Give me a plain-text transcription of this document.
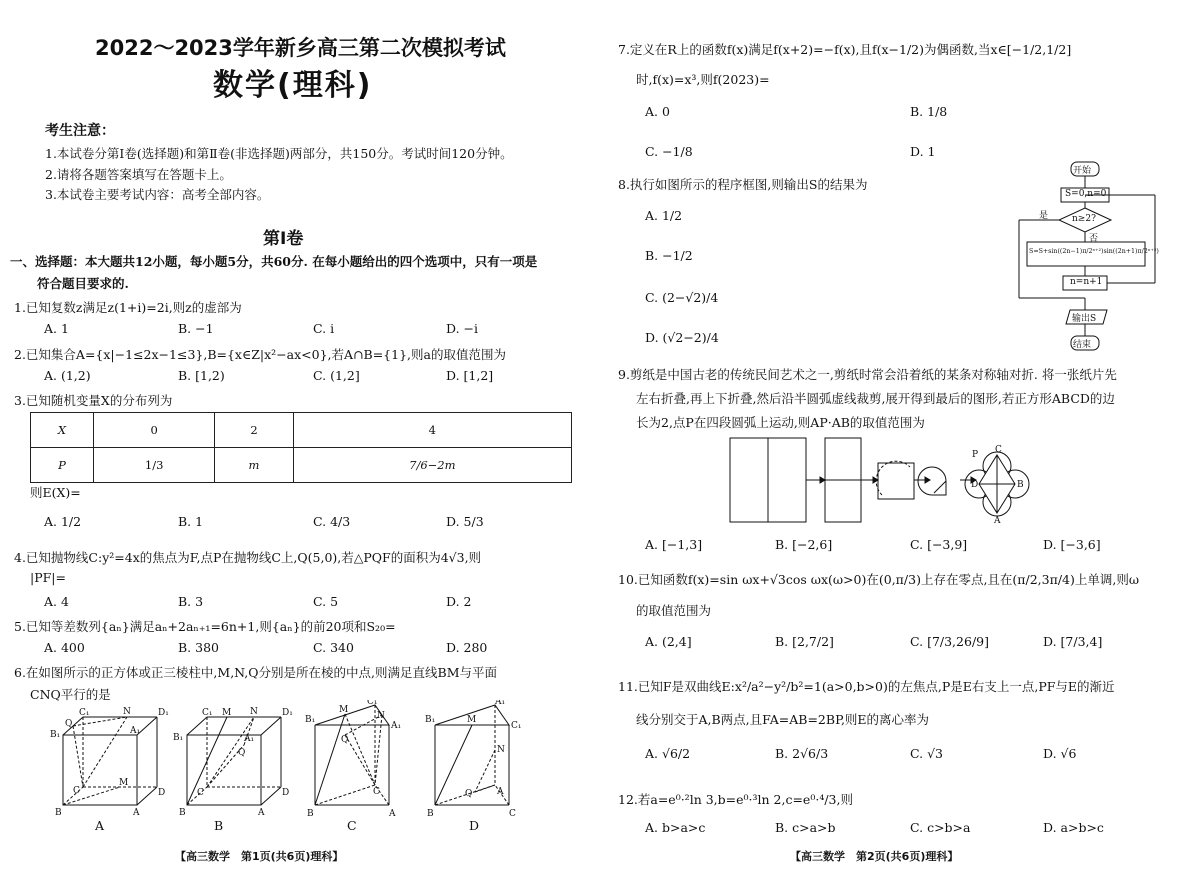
2022～2023学年新乡高三第二次模拟考试
数学(理科)
考生注意：
1.本试卷分第Ⅰ卷(选择题)和第Ⅱ卷(非选择题)两部分，共150分。考试时间120分钟。
2.请将各题答案填写在答题卡上。
3.本试卷主要考试内容：高考全部内容。
第Ⅰ卷
一、选择题：本大题共12小题，每小题5分，共60分. 在每小题给出的四个选项中，只有一项是
符合题目要求的.
1.已知复数z满足z(1+i)=2i,则z的虚部为
A. 1	B. −1	C. i	D. −i
2.已知集合A={x|−1≤2x−1≤3},B={x∈Z|x²−ax<0},若A∩B={1},则a的取值范围为
A. (1,2)	B. [1,2)	C. (1,2]	D. [1,2]
3.已知随机变量X的分布列为
X	0	2	4
P	1/3	m	7/6−2m
则E(X)=
A. 1/2	B. 1	C. 4/3	D. 5/3
4.已知抛物线C:y²=4x的焦点为F,点P在抛物线C上,Q(5,0),若△PQF的面积为4√3,则
|PF|=
A. 4	B. 3	C. 5	D. 2
5.已知等差数列{aₙ}满足aₙ+2aₙ₊₁=6n+1,则{aₙ}的前20项和S₂₀=
A. 400	B. 380	C. 340	D. 280
6.在如图所示的正方体或正三棱柱中,M,N,Q分别是所在棱的中点,则满足直线BM与平面
CNQ平行的是
B₁
C₁	N	D₁
Q
A₁
M
C	D
B	A
A
B₁
C₁ M N	D₁
A₁
Q
C	D
B	A
B
B₁
C₁
M
N
A₁
Q
C
B	A
C
B₁
A₁
M
C₁
N
Q	A
B	C
D
【高三数学　第1页(共6页)理科】
7.定义在R上的函数f(x)满足f(x+2)=−f(x),且f(x−1/2)为偶函数,当x∈[−1/2,1/2]
时,f(x)=x³,则f(2023)=
A. 0	B. 1/8
C. −1/8	D. 1
8.执行如图所示的程序框图,则输出S的结果为
A. 1/2
B. −1/2
C. (2−√2)/4
D. (√2−2)/4
开始
S=0,n=0
n≥2?
是
否
S=S+sin((2n−1)π/2ⁿ⁺²)sin((2n+1)π/2ⁿ⁺²)
n=n+1
输出S
结束
9.剪纸是中国古老的传统民间艺术之一,剪纸时常会沿着纸的某条对称轴对折. 将一张纸片先
左右折叠,再上下折叠,然后沿半圆弧虚线裁剪,展开得到最后的图形,若正方形ABCD的边
长为2,点P在四段圆弧上运动,则AP·AB的取值范围为
P C
B
D
A
A. [−1,3]	B. [−2,6]	C. [−3,9]	D. [−3,6]
10.已知函数f(x)=sin ωx+√3cos ωx(ω>0)在(0,π/3)上存在零点,且在(π/2,3π/4)上单调,则ω
的取值范围为
A. (2,4]	B. [2,7/2]	C. [7/3,26/9]	D. [7/3,4]
11.已知F是双曲线E:x²/a²−y²/b²=1(a>0,b>0)的左焦点,P是E右支上一点,PF与E的渐近
线分别交于A,B两点,且FA=AB=2BP,则E的离心率为
A. √6/2	B. 2√6/3	C. √3	D. √6
12.若a=e⁰·²ln 3,b=e⁰·³ln 2,c=e⁰·⁴/3,则
A. b>a>c	B. c>a>b	C. c>b>a	D. a>b>c
【高三数学　第2页(共6页)理科】
